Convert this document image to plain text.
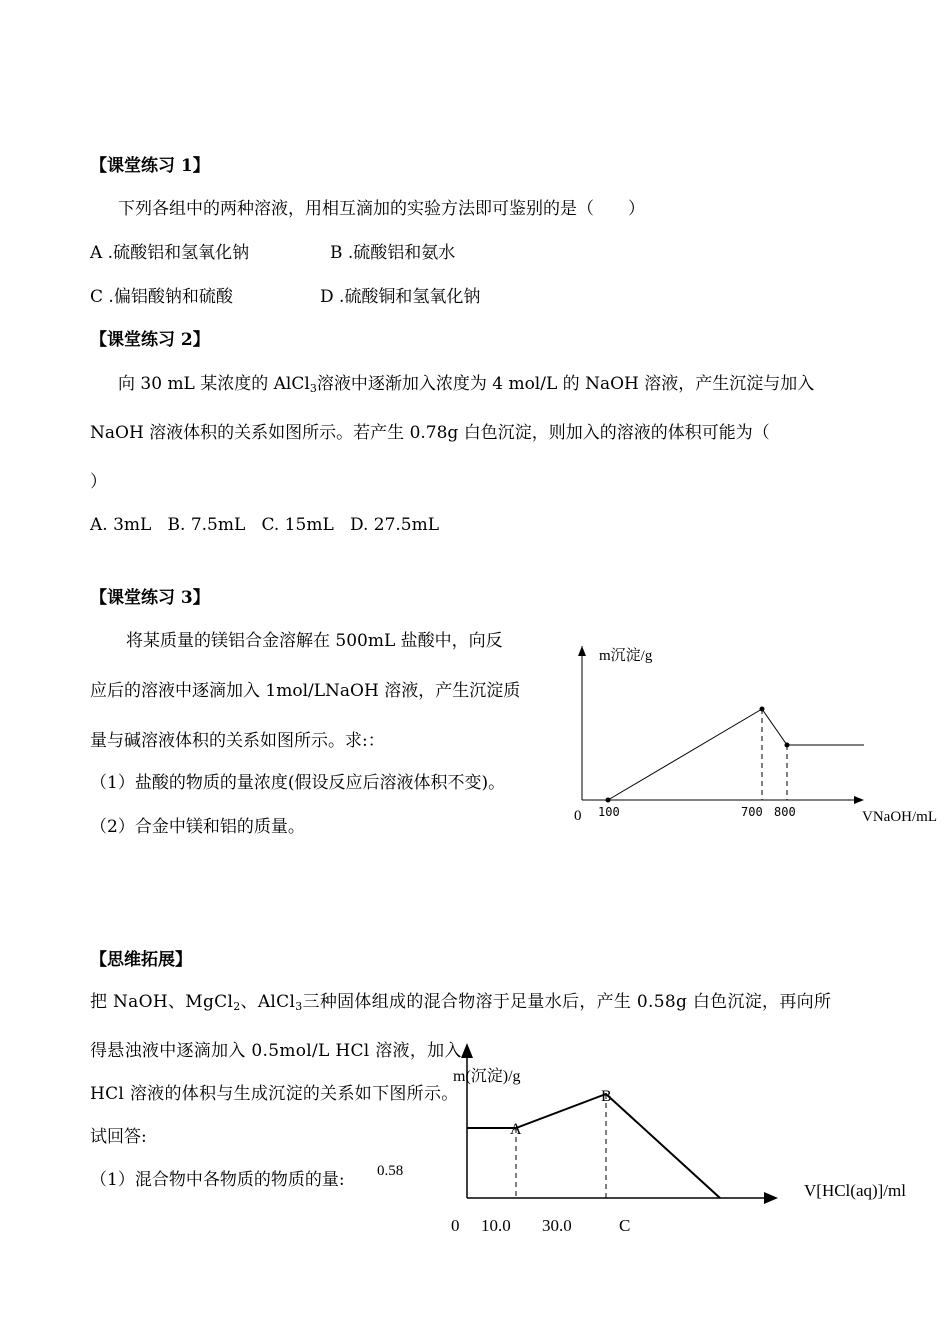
【课堂练习 1】
下列各组中的两种溶液，用相互滴加的实验方法即可鉴别的是（　　）
A .硫酸铝和氢氧化钠	B .硫酸铝和氨水
C .偏铝酸钠和硫酸	D .硫酸铜和氢氧化钠
【课堂练习 2】
向 30 mL 某浓度的 AlCl$_3$溶液中逐渐加入浓度为 4 mol/L 的 NaOH 溶液，产生沉淀与加入
NaOH 溶液体积的关系如图所示。若产生 0.78g 白色沉淀，则加入的溶液的体积可能为（
）
A. 3mL   B. 7.5mL   C. 15mL   D. 27.5mL
【课堂练习 3】
将某质量的镁铝合金溶解在 500mL 盐酸中，向反
应后的溶液中逐滴加入 1mol/LNaOH 溶液，产生沉淀质
量与碱溶液体积的关系如图所示。求:：
（1）盐酸的物质的量浓度(假设反应后溶液体积不变)。
（2）合金中镁和铝的质量。
m沉淀/g
0 100	700 800	VNaOH/mL
【思维拓展】
把 NaOH、MgCl$_2$、AlCl$_3$三种固体组成的混合物溶于足量水后，产生 0.58g 白色沉淀，再向所
得悬浊液中逐滴加入 0.5mol/L HCl 溶液，加入
HCl 溶液的体积与生成沉淀的关系如下图所示。
试回答:
（1）混合物中各物质的物质的量:
m(沉淀)/g
0.58
A
B
0 10.0 30.0	C
V[HCl(aq)]/ml
